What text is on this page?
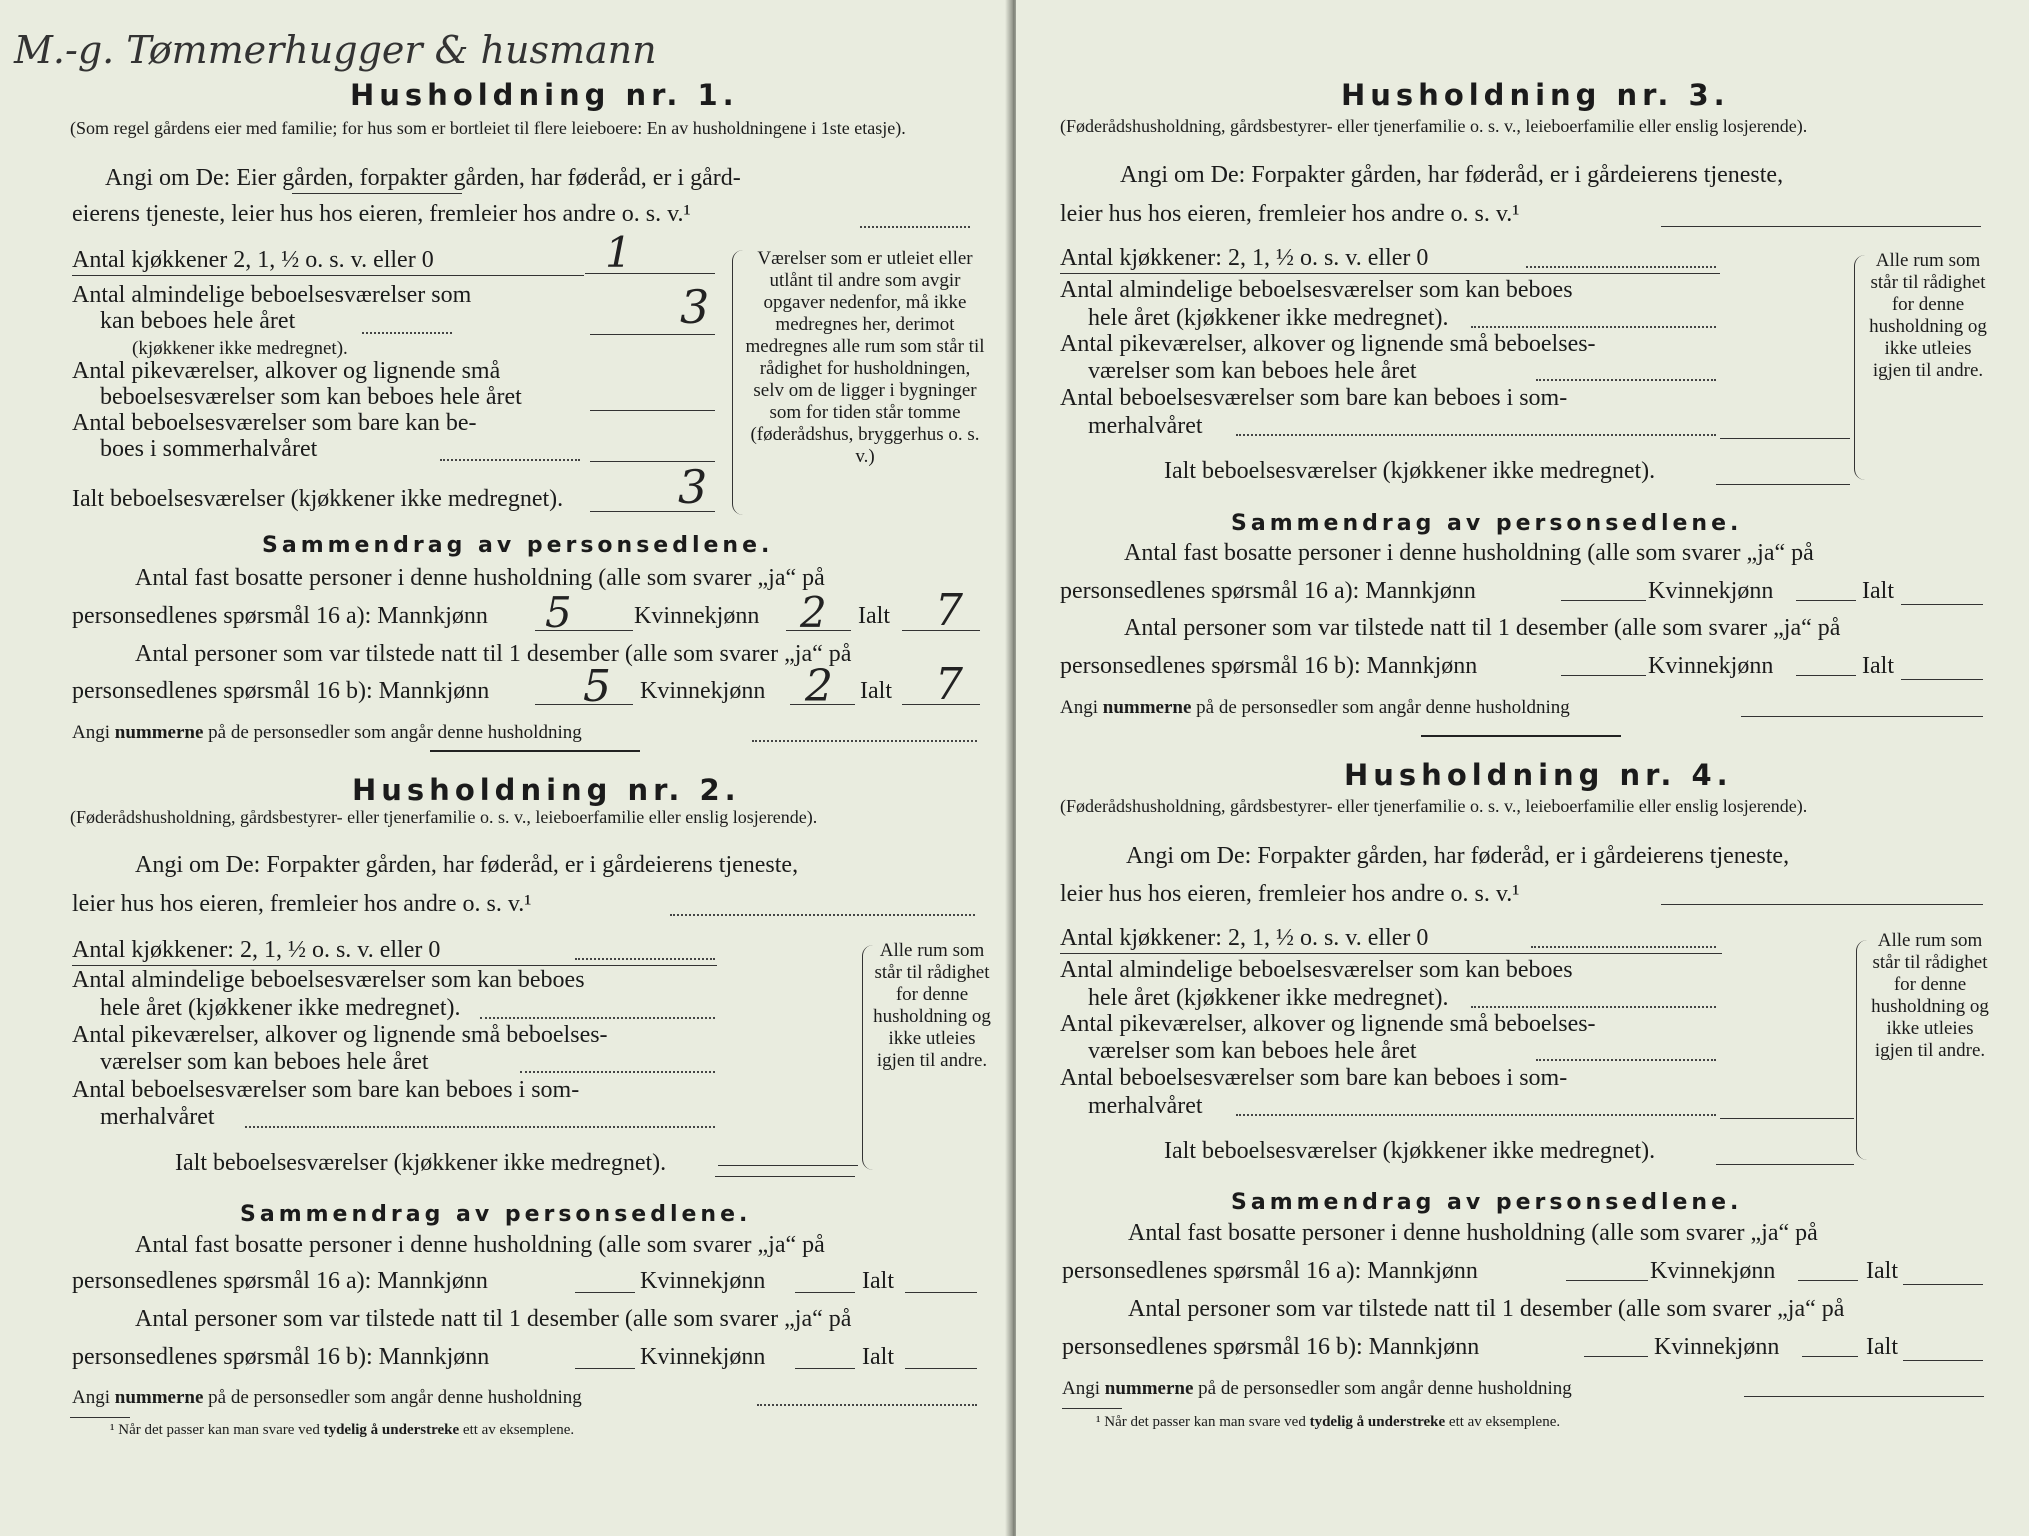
M.-g. Tømmerhugger & husmann
Husholdning nr. 1.
(Som regel gårdens eier med familie; for hus som er bortleiet til flere leieboere: En av husholdningene i 1ste etasje).
Angi om De: Eier gården, forpakter gården, har føderåd, er i gård-
eierens tjeneste, leier hus hos eieren, fremleier hos andre o. s. v.¹
Antal kjøkkener 2, 1, ½ o. s. v. eller 0	1
Antal almindelige beboelsesværelser som
kan beboes hele året
(kjøkkener ikke medregnet).
3
Antal pikeværelser, alkover og lignende små
beboelsesværelser som kan beboes hele året
Antal beboelsesværelser som bare kan be-
boes i sommerhalvåret
Ialt beboelsesværelser (kjøkkener ikke medregnet). 3
Værelser som er utleiet eller utlånt til andre som avgir opgaver nedenfor, må ikke medregnes her, derimot medregnes alle rum som står til rådighet for husholdningen, selv om de ligger i bygninger som for tiden står tomme (føderådshus, bryggerhus o. s. v.)
Sammendrag av personsedlene.
Antal fast bosatte personer i denne husholdning (alle som svarer „ja“ på
personsedlenes spørsmål 16 a): Mannkjønn 5	Kvinnekjønn 2 Ialt 7
Antal personer som var tilstede natt til 1 desember (alle som svarer „ja“ på
personsedlenes spørsmål 16 b): Mannkjønn 5 Kvinnekjønn 2 Ialt 7
Angi nummerne på de personsedler som angår denne husholdning
Husholdning nr. 2.
(Føderådshusholdning, gårdsbestyrer- eller tjenerfamilie o. s. v., leieboerfamilie eller enslig losjerende).
Angi om De: Forpakter gården, har føderåd, er i gårdeierens tjeneste,
leier hus hos eieren, fremleier hos andre o. s. v.¹
Antal kjøkkener: 2, 1, ½ o. s. v. eller 0
Antal almindelige beboelsesværelser som kan beboes
hele året (kjøkkener ikke medregnet).
Antal pikeværelser, alkover og lignende små beboelses-
værelser som kan beboes hele året
Antal beboelsesværelser som bare kan beboes i som-
merhalvåret
Ialt beboelsesværelser (kjøkkener ikke medregnet).
Alle rum som står til rådighet for denne husholdning og ikke utleies igjen til andre.
Sammendrag av personsedlene.
Antal fast bosatte personer i denne husholdning (alle som svarer „ja“ på
personsedlenes spørsmål 16 a): Mannkjønn	Kvinnekjønn	Ialt
Antal personer som var tilstede natt til 1 desember (alle som svarer „ja“ på
personsedlenes spørsmål 16 b): Mannkjønn	Kvinnekjønn	Ialt
Angi nummerne på de personsedler som angår denne husholdning
¹ Når det passer kan man svare ved tydelig å understreke ett av eksemplene.
Husholdning nr. 3.
(Føderådshusholdning, gårdsbestyrer- eller tjenerfamilie o. s. v., leieboerfamilie eller enslig losjerende).
Angi om De: Forpakter gården, har føderåd, er i gårdeierens tjeneste,
leier hus hos eieren, fremleier hos andre o. s. v.¹
Antal kjøkkener: 2, 1, ½ o. s. v. eller 0
Antal almindelige beboelsesværelser som kan beboes
hele året (kjøkkener ikke medregnet).
Antal pikeværelser, alkover og lignende små beboelses-
værelser som kan beboes hele året
Antal beboelsesværelser som bare kan beboes i som-
merhalvåret
Ialt beboelsesværelser (kjøkkener ikke medregnet).
Alle rum som står til rådighet for denne husholdning og ikke utleies igjen til andre.
Sammendrag av personsedlene.
Antal fast bosatte personer i denne husholdning (alle som svarer „ja“ på
personsedlenes spørsmål 16 a): Mannkjønn	Kvinnekjønn	Ialt
Antal personer som var tilstede natt til 1 desember (alle som svarer „ja“ på
personsedlenes spørsmål 16 b): Mannkjønn	Kvinnekjønn	Ialt
Angi nummerne på de personsedler som angår denne husholdning
Husholdning nr. 4.
(Føderådshusholdning, gårdsbestyrer- eller tjenerfamilie o. s. v., leieboerfamilie eller enslig losjerende).
Angi om De: Forpakter gården, har føderåd, er i gårdeierens tjeneste,
leier hus hos eieren, fremleier hos andre o. s. v.¹
Antal kjøkkener: 2, 1, ½ o. s. v. eller 0
Antal almindelige beboelsesværelser som kan beboes
hele året (kjøkkener ikke medregnet).
Antal pikeværelser, alkover og lignende små beboelses-
værelser som kan beboes hele året
Antal beboelsesværelser som bare kan beboes i som-
merhalvåret
Ialt beboelsesværelser (kjøkkener ikke medregnet).
Alle rum som står til rådighet for denne husholdning og ikke utleies igjen til andre.
Sammendrag av personsedlene.
Antal fast bosatte personer i denne husholdning (alle som svarer „ja“ på
personsedlenes spørsmål 16 a): Mannkjønn	Kvinnekjønn	Ialt
Antal personer som var tilstede natt til 1 desember (alle som svarer „ja“ på
personsedlenes spørsmål 16 b): Mannkjønn	Kvinnekjønn	Ialt
Angi nummerne på de personsedler som angår denne husholdning
¹ Når det passer kan man svare ved tydelig å understreke ett av eksemplene.
